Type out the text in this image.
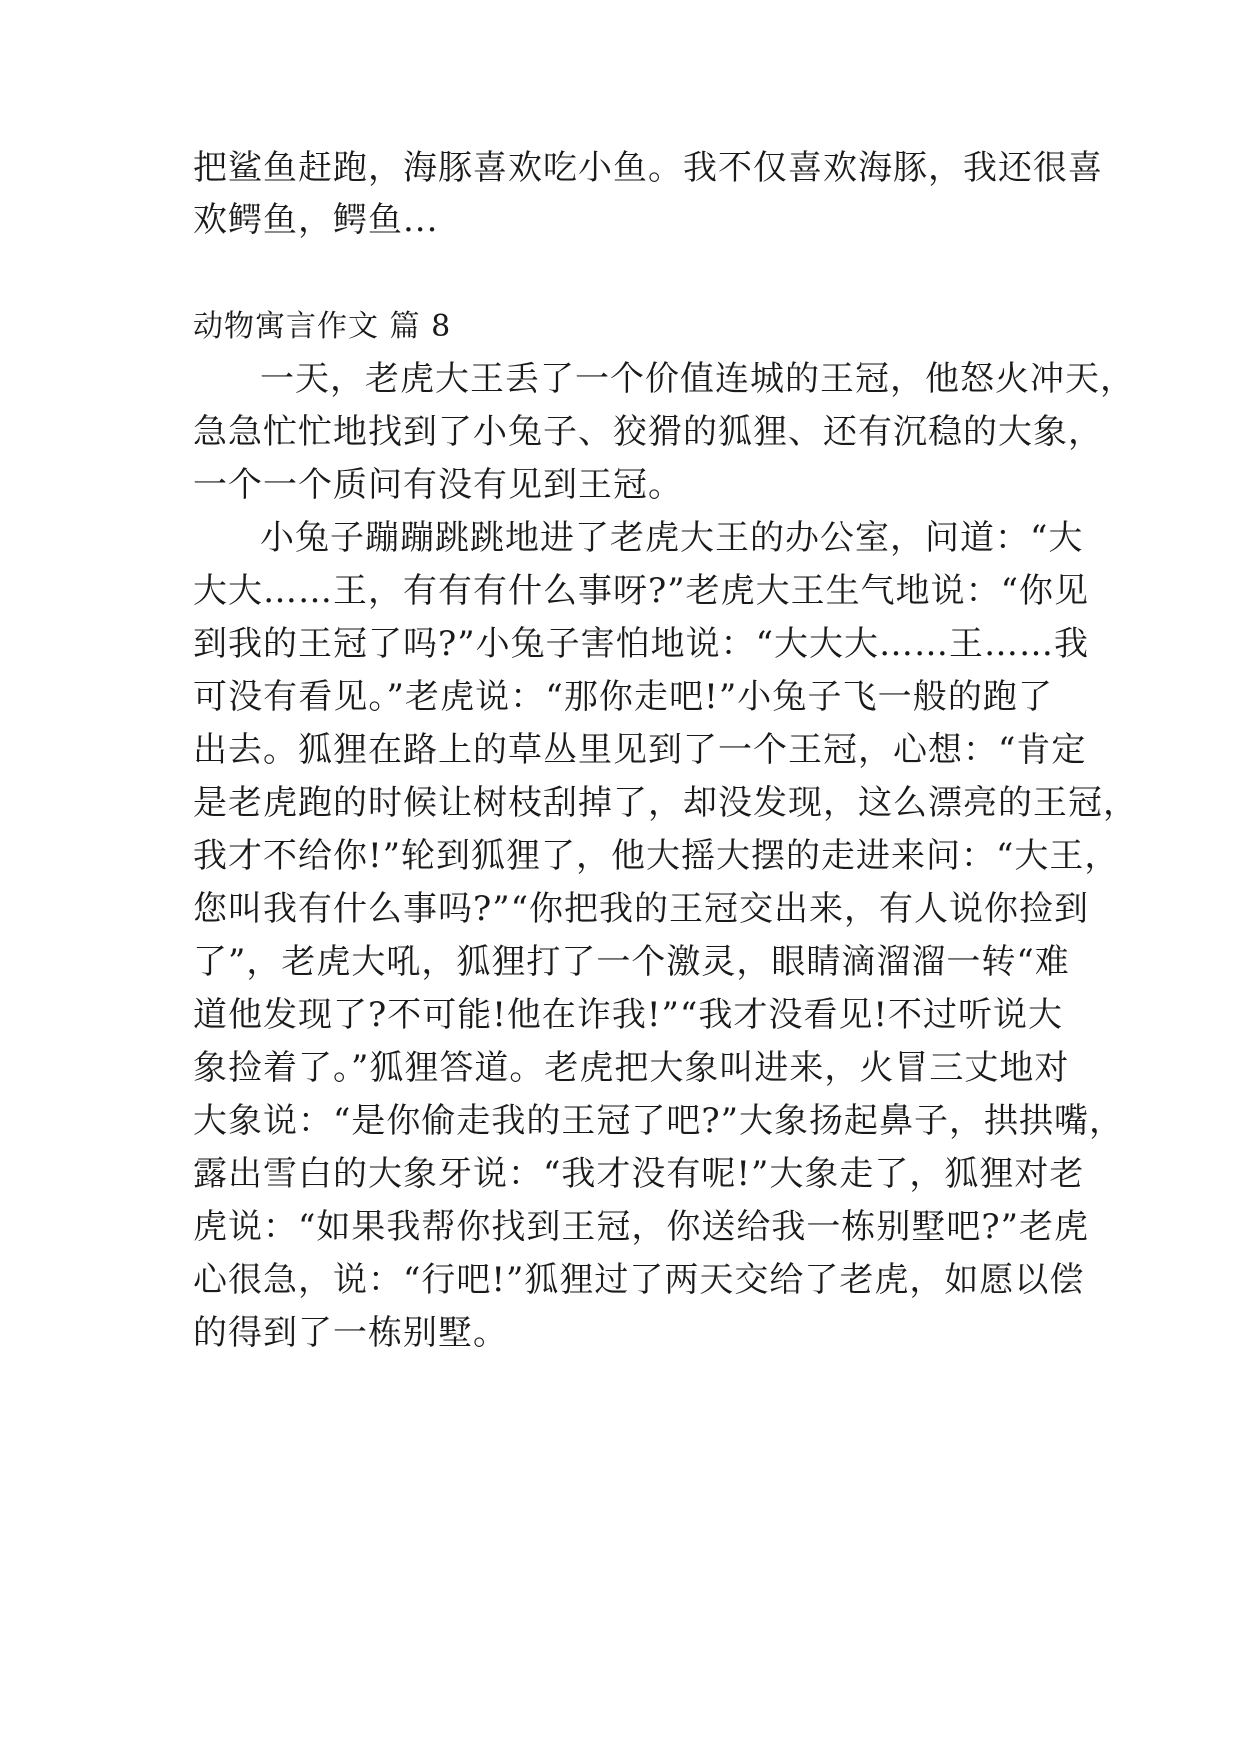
把鲨鱼赶跑，海豚喜欢吃小鱼。我不仅喜欢海豚，我还很喜
欢鳄鱼，鳄鱼...
动物寓言作文 篇 8
一天，老虎大王丢了一个价值连城的王冠，他怒火冲天，
急急忙忙地找到了小兔子、狡猾的狐狸、还有沉稳的大象，
一个一个质问有没有见到王冠。
小兔子蹦蹦跳跳地进了老虎大王的办公室，问道：“大
大大……王，有有有什么事呀?”老虎大王生气地说：“你见
到我的王冠了吗?”小兔子害怕地说：“大大大……王……我
可没有看见。”老虎说：“那你走吧!”小兔子飞一般的跑了
出去。狐狸在路上的草丛里见到了一个王冠，心想：“肯定
是老虎跑的时候让树枝刮掉了，却没发现，这么漂亮的王冠，
我才不给你!”轮到狐狸了，他大摇大摆的走进来问：“大王，
您叫我有什么事吗?”“你把我的王冠交出来，有人说你捡到
了”，老虎大吼，狐狸打了一个激灵，眼睛滴溜溜一转“难
道他发现了?不可能!他在诈我!”“我才没看见!不过听说大
象捡着了。”狐狸答道。老虎把大象叫进来，火冒三丈地对
大象说：“是你偷走我的王冠了吧?”大象扬起鼻子，拱拱嘴，
露出雪白的大象牙说：“我才没有呢!”大象走了，狐狸对老
虎说：“如果我帮你找到王冠，你送给我一栋别墅吧?”老虎
心很急，说：“行吧!”狐狸过了两天交给了老虎，如愿以偿
的得到了一栋别墅。
